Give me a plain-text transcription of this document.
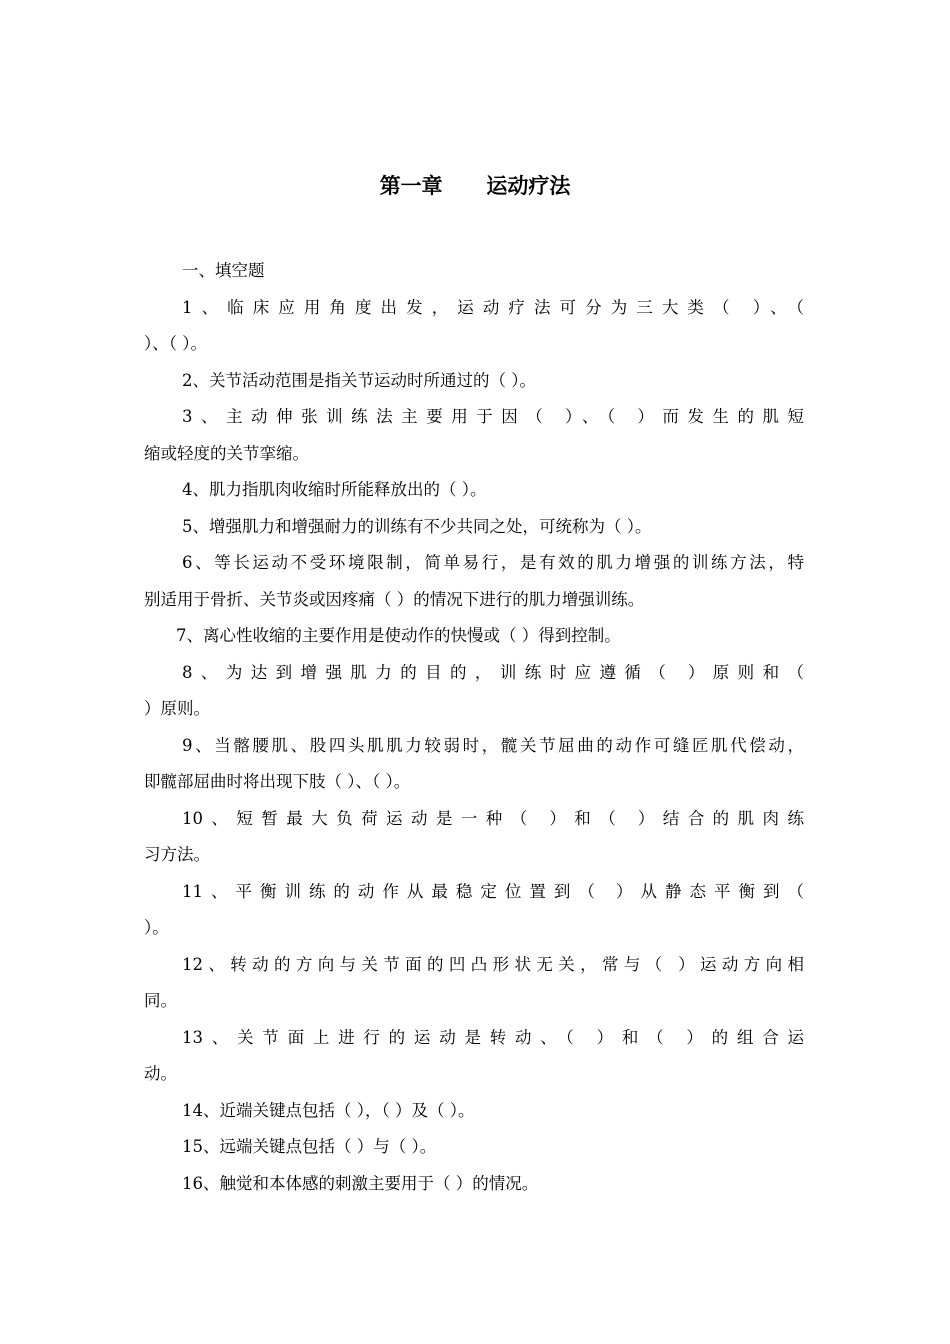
第一章      运动疗法
一、填空题
1、临床应用角度出发，运动疗法可分为三大类（ ）、（
）、（ ）。
2、关节活动范围是指关节运动时所通过的（ ）。
3、主动伸张训练法主要用于因（ ）、（ ）而发生的肌短
缩或轻度的关节挛缩。
4、肌力指肌肉收缩时所能释放出的（ ）。
5、增强肌力和增强耐力的训练有不少共同之处，可统称为（ ）。
6、等长运动不受环境限制，简单易行，是有效的肌力增强的训练方法，特
别适用于骨折、关节炎或因疼痛（ ）的情况下进行的肌力增强训练。
7、离心性收缩的主要作用是使动作的快慢或（ ）得到控制。
8、为达到增强肌力的目的，训练时应遵循（ ）原则和（
）原则。
9、当髂腰肌、股四头肌肌力较弱时，髋关节屈曲的动作可缝匠肌代偿动，
即髋部屈曲时将出现下肢（ ）、（ ）。
10、短暂最大负荷运动是一种（ ）和（ ）结合的肌肉练
习方法。
11、平衡训练的动作从最稳定位置到（ ）从静态平衡到（
）。
12、转动的方向与关节面的凹凸形状无关，常与（ ）运动方向相
同。
13、关节面上进行的运动是转动、（ ）和（ ）的组合运
动。
14、近端关键点包括（ ），（ ）及（ ）。
15、远端关键点包括（ ）与（ ）。
16、触觉和本体感的刺激主要用于（ ）的情况。
